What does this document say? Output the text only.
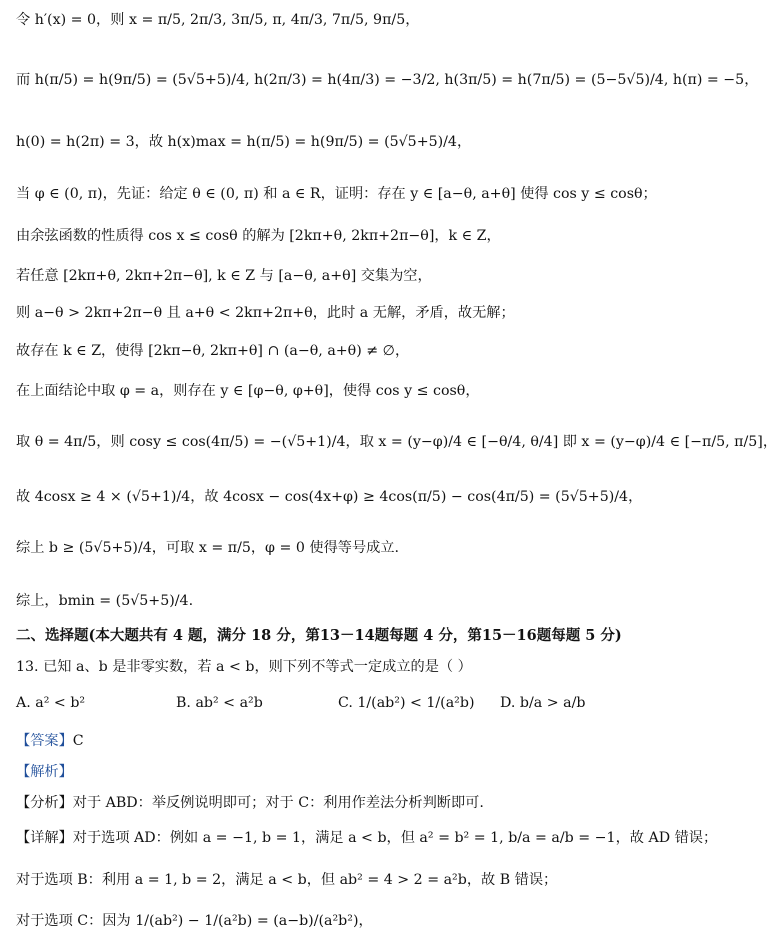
令 h′(x) = 0，则 x = π/5, 2π/3, 3π/5, π, 4π/3, 7π/5, 9π/5，
而 h(π/5) = h(9π/5) = (5√5+5)/4, h(2π/3) = h(4π/3) = −3/2, h(3π/5) = h(7π/5) = (5−5√5)/4, h(π) = −5，
h(0) = h(2π) = 3，故 h(x)max = h(π/5) = h(9π/5) = (5√5+5)/4，
当 φ ∈ (0, π)，先证：给定 θ ∈ (0, π) 和 a ∈ R，证明：存在 y ∈ [a−θ, a+θ] 使得 cos y ≤ cosθ；
由余弦函数的性质得 cos x ≤ cosθ 的解为 [2kπ+θ, 2kπ+2π−θ]，k ∈ Z，
若任意 [2kπ+θ, 2kπ+2π−θ], k ∈ Z 与 [a−θ, a+θ] 交集为空，
则 a−θ > 2kπ+2π−θ 且 a+θ < 2kπ+2π+θ，此时 a 无解，矛盾，故无解；
故存在 k ∈ Z，使得 [2kπ−θ, 2kπ+θ] ∩ (a−θ, a+θ) ≠ ∅，
在上面结论中取 φ = a，则存在 y ∈ [φ−θ, φ+θ]，使得 cos y ≤ cosθ，
取 θ = 4π/5，则 cosy ≤ cos(4π/5) = −(√5+1)/4，取 x = (y−φ)/4 ∈ [−θ/4, θ/4] 即 x = (y−φ)/4 ∈ [−π/5, π/5]，
故 4cosx ≥ 4 × (√5+1)/4，故 4cosx − cos(4x+φ) ≥ 4cos(π/5) − cos(4π/5) = (5√5+5)/4，
综上 b ≥ (5√5+5)/4，可取 x = π/5，φ = 0 使得等号成立.
综上，bmin = (5√5+5)/4.
二、选择题(本大题共有 4 题，满分 18 分，第13－14题每题 4 分，第15－16题每题 5 分)
13. 已知 a、b 是非零实数，若 a < b，则下列不等式一定成立的是（ ）
A. a² < b²	B. ab² < a²b	C. 1/(ab²) < 1/(a²b) D. b/a > a/b
【答案】C
【解析】
【分析】对于 ABD：举反例说明即可；对于 C：利用作差法分析判断即可.
【详解】对于选项 AD：例如 a = −1, b = 1，满足 a < b，但 a² = b² = 1, b/a = a/b = −1，故 AD 错误；
对于选项 B：利用 a = 1, b = 2，满足 a < b，但 ab² = 4 > 2 = a²b，故 B 错误；
对于选项 C：因为 1/(ab²) − 1/(a²b) = (a−b)/(a²b²)，
